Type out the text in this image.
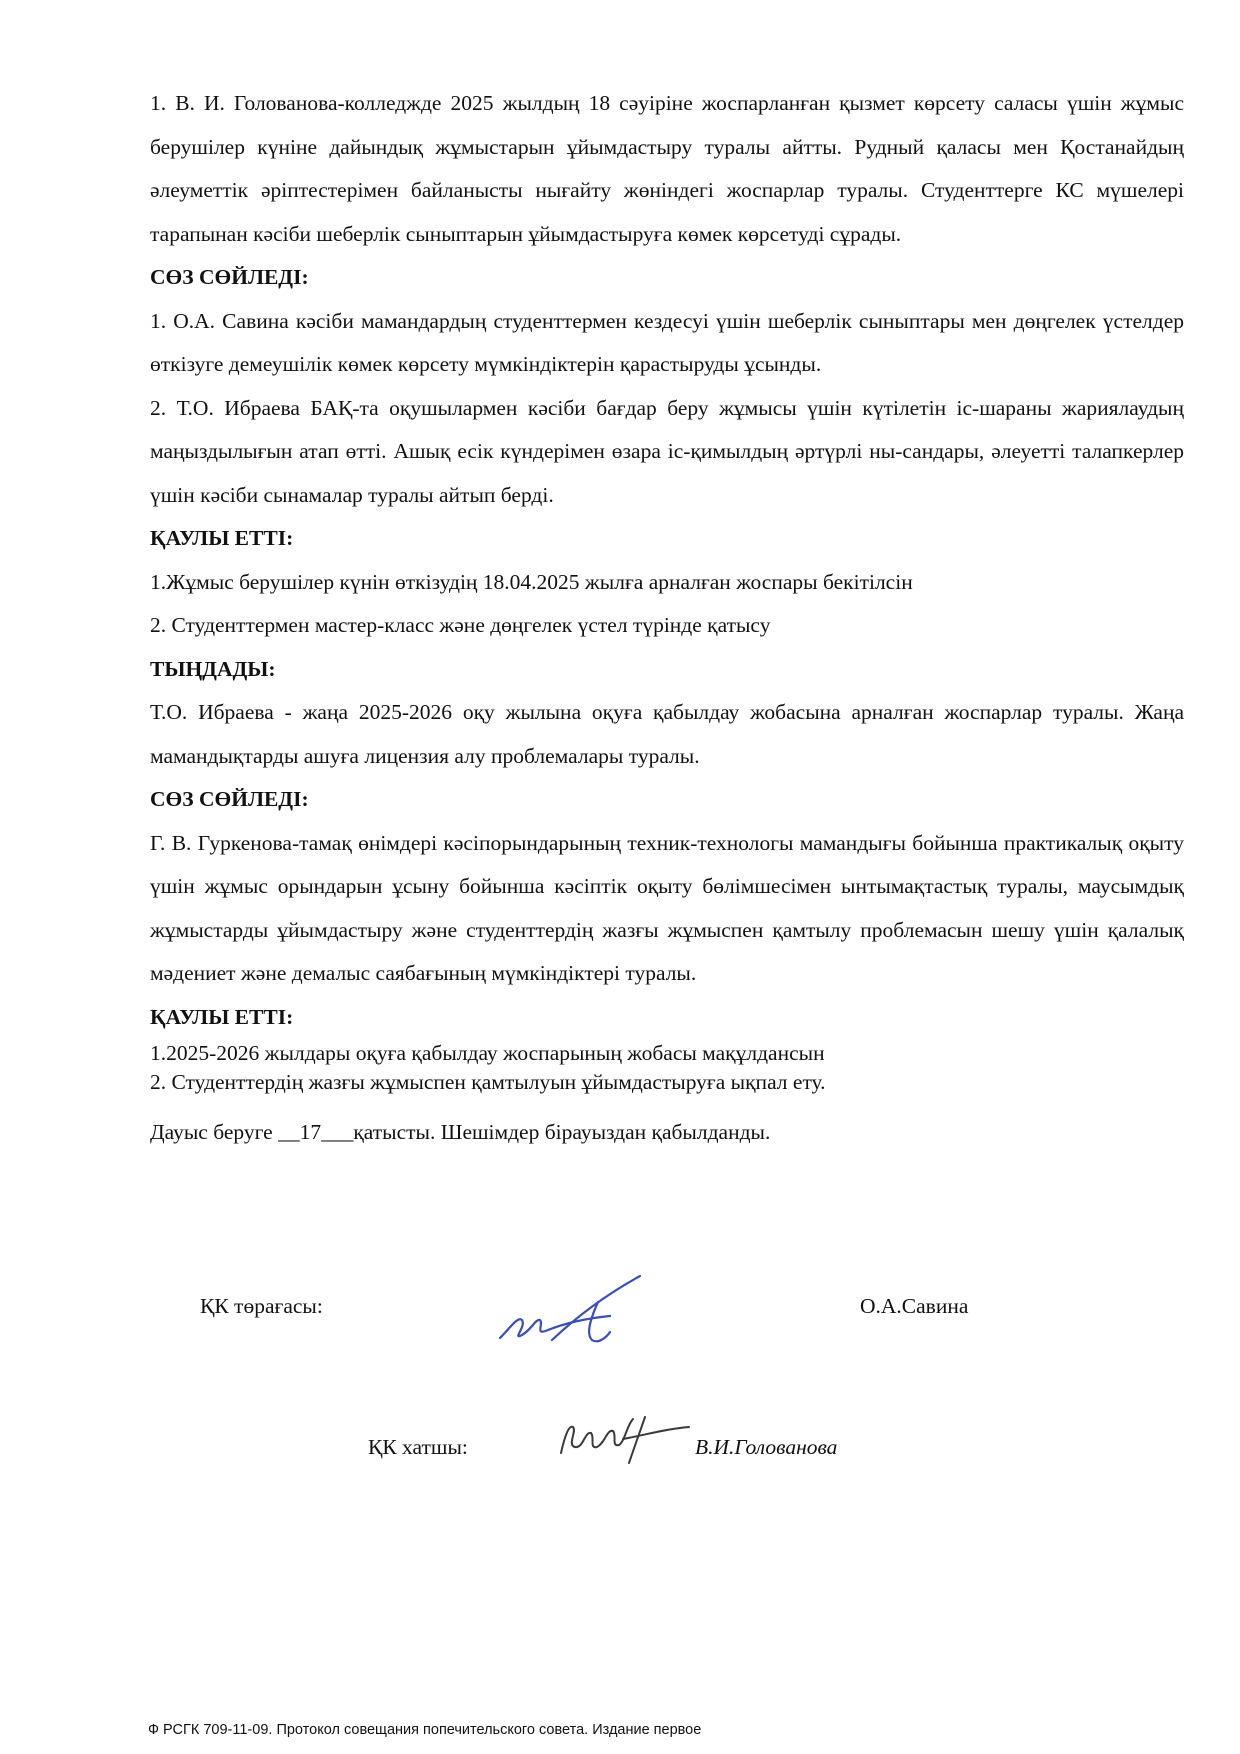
1. В. И. Голованова-колледжде 2025 жылдың 18 сәуіріне жоспарланған қызмет көрсету саласы үшін жұмыс берушілер күніне дайындық жұмыстарын ұйымдастыру туралы айтты. Рудный қаласы мен Қостанайдың әлеуметтік әріптестерімен байланысты нығайту жөніндегі жоспарлар туралы. Студенттерге КС мүшелері тарапынан кәсіби шеберлік сыныптарын ұйымдастыруға көмек көрсетуді сұрады.

СӨЗ СӨЙЛЕДІ:

1. О.А. Савина кәсіби мамандардың студенттермен кездесуі үшін шеберлік сыныптары мен дөңгелек үстелдер өткізуге демеушілік көмек көрсету мүмкіндіктерін қарастыруды ұсынды.

2. Т.О. Ибраева БАҚ-та оқушылармен кәсіби бағдар беру жұмысы үшін күтілетін іс-шараны жариялаудың маңыздылығын атап өтті. Ашық есік күндерімен өзара іс-қимылдың әртүрлі ны-сандары, әлеуетті талапкерлер үшін кәсіби сынамалар туралы айтып берді.

ҚАУЛЫ ЕТТІ:

1.Жұмыс берушілер күнін өткізудің 18.04.2025 жылға арналған жоспары бекітілсін

2. Студенттермен мастер-класс және дөңгелек үстел түрінде қатысу

ТЫҢДАДЫ:

Т.О. Ибраева - жаңа 2025-2026 оқу жылына оқуға қабылдау жобасына арналған жоспарлар туралы. Жаңа мамандықтарды ашуға лицензия алу проблемалары туралы.

СӨЗ СӨЙЛЕДІ:

Г. В. Гуркенова-тамақ өнімдері кәсіпорындарының техник-технологы мамандығы бойынша практикалық оқыту үшін жұмыс орындарын ұсыну бойынша кәсіптік оқыту бөлімшесімен ынтымақтастық туралы, маусымдық жұмыстарды ұйымдастыру және студенттердің жазғы жұмыспен қамтылу проблемасын шешу үшін қалалық мәдениет және демалыс саябағының мүмкіндіктері туралы.

ҚАУЛЫ ЕТТІ:

1.2025-2026 жылдары оқуға қабылдау жоспарының жобасы мақұлдансын

2. Студенттердің жазғы жұмыспен қамтылуын ұйымдастыруға ықпал ету.

Дауыс беруге __17___қатысты. Шешімдер бірауыздан қабылданды.

ҚК төрағасы:	О.А.Савина
ҚК хатшы:	В.И.Голованова
Ф РСГК 709-11-09. Протокол совещания попечительского совета. Издание первое
